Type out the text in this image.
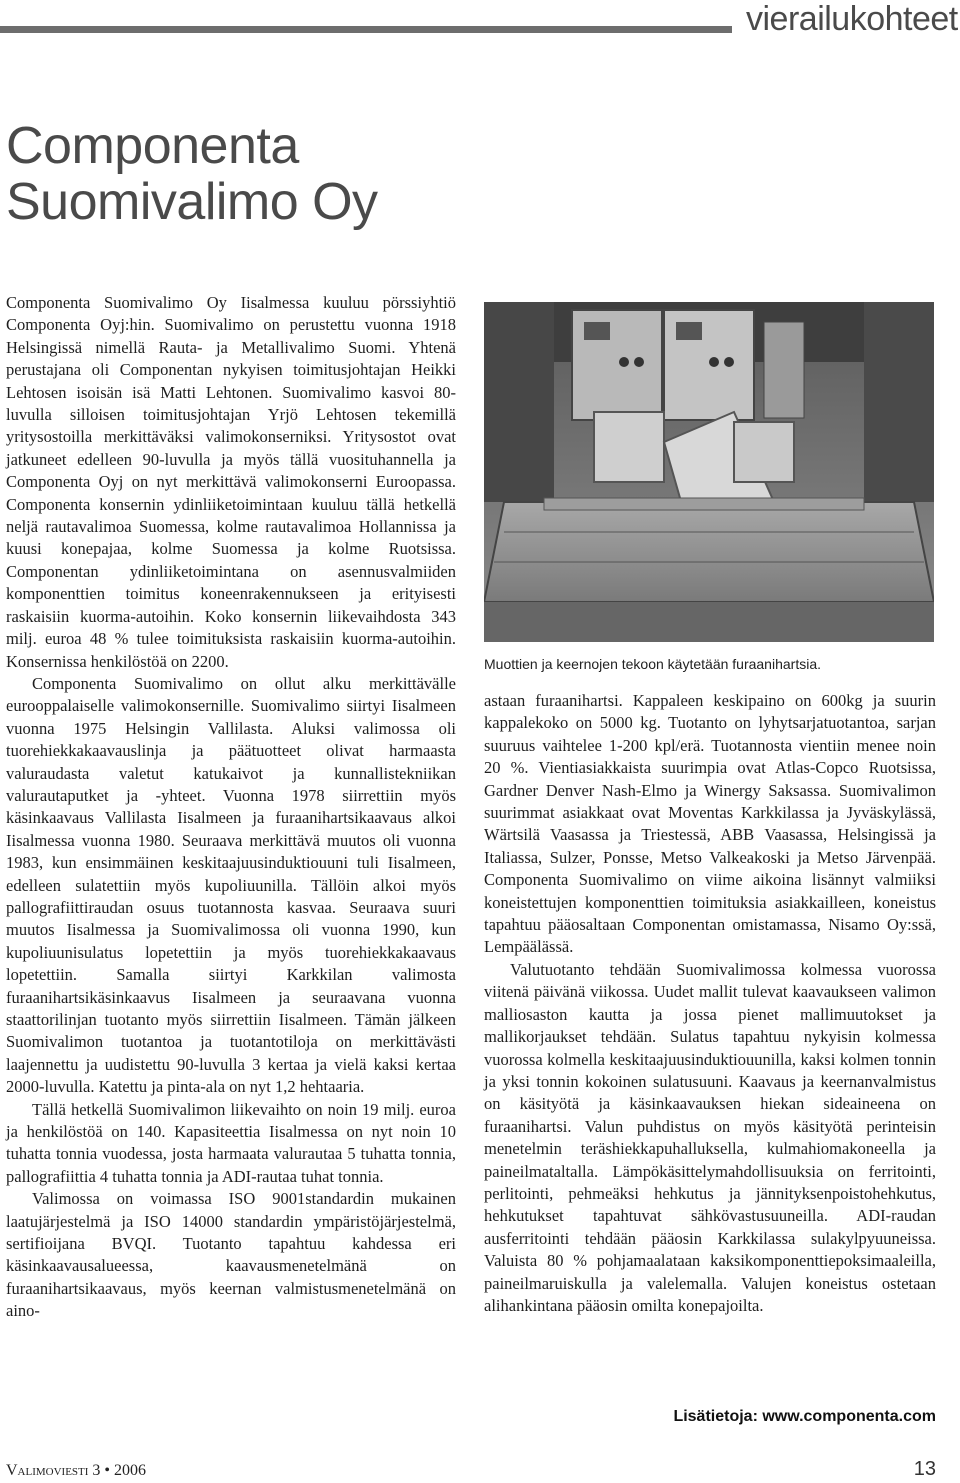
vierailukohteet
Componenta
Suomivalimo Oy

Componenta Suomivalimo Oy Iisalmessa kuuluu pörssiyhtiö Componenta Oyj:hin. Suomivalimo on perustettu vuonna 1918 Helsingissä nimellä Rauta- ja Metallivalimo Suomi. Yhtenä perustajana oli Componentan nykyisen toimitusjohtajan Heikki Lehtosen isoisän isä Matti Lehtonen. Suomivalimo kasvoi 80-luvulla silloisen toimitusjohtajan Yrjö Lehtosen tekemillä yritysostoilla merkittäväksi valimokonserniksi. Yritysostot ovat jatkuneet edelleen 90-luvulla ja myös tällä vuosituhannella ja Componenta Oyj on nyt merkittävä valimokonserni Euroopassa. Componenta konsernin ydinliiketoimintaan kuuluu tällä hetkellä neljä rautavalimoa Suomessa, kolme rautavalimoa Hollannissa ja kuusi konepajaa, kolme Suomessa ja kolme Ruotsissa. Componentan ydinliiketoimintana on asennusvalmiiden komponenttien toimitus koneenrakennukseen ja erityisesti raskaisiin kuorma-autoihin. Koko konsernin liikevaihdosta 343 milj. euroa 48 % tulee toimituksista raskaisiin kuorma-autoihin. Konsernissa henkilöstöä on 2200.

Componenta Suomivalimo on ollut alku merkittävälle eurooppalaiselle valimokonsernille. Suomivalimo siirtyi Iisalmeen vuonna 1975 Helsingin Vallilasta. Aluksi valimossa oli tuorehiekkakaavauslinja ja päätuotteet olivat harmaasta valuraudasta valetut katukaivot ja kunnallistekniikan valurautaputket ja -yhteet. Vuonna 1978 siirrettiin myös käsinkaavaus Vallilasta Iisalmeen ja furaanihartsikaavaus alkoi Iisalmessa vuonna 1980. Seuraava merkittävä muutos oli vuonna 1983, kun ensimmäinen keskitaajuusinduktiouuni tuli Iisalmeen, edelleen sulatettiin myös kupoliuunilla. Tällöin alkoi myös pallografiittiraudan osuus tuotannosta kasvaa. Seuraava suuri muutos Iisalmessa ja Suomivalimossa oli vuonna 1990, kun kupoliuunisulatus lopetettiin ja myös tuorehiekkakaavaus lopetettiin. Samalla siirtyi Karkkilan valimosta furaanihartsikäsinkaavus Iisalmeen ja seuraavana vuonna staattorilinjan tuotanto myös siirrettiin Iisalmeen. Tämän jälkeen Suomivalimon tuotantoa ja tuotantotiloja on merkittävästi laajennettu ja uudistettu 90-luvulla 3 kertaa ja vielä kaksi kertaa 2000-luvulla. Katettu ja pinta-ala on nyt 1,2 hehtaaria.

Tällä hetkellä Suomivalimon liikevaihto on noin 19 milj. euroa ja henkilöstöä on 140. Kapasiteettia Iisalmessa on nyt noin 10 tuhatta tonnia vuodessa, josta harmaata valurautaa 5 tuhatta tonnia, pallografiittia 4 tuhatta tonnia ja ADI-rautaa tuhat tonnia.

Valimossa on voimassa ISO 9001standardin mukainen laatujärjestelmä ja ISO 14000 standardin ympäristöjärjestelmä, sertifioijana BVQI. Tuotanto tapahtuu kahdessa eri käsinkaavausalueessa, kaavausmenetelmänä on furaanihartsikaavaus, myös keernan valmistusmenetelmänä on aino-

Muottien ja keernojen tekoon käytetään furaanihartsia.

astaan furaanihartsi. Kappaleen keskipaino on 600kg ja suurin kappalekoko on 5000 kg. Tuotanto on lyhytsarjatuotantoa, sarjan suuruus vaihtelee 1-200 kpl/erä. Tuotannosta vientiin menee noin 20 %. Vientiasiakkaista suurimpia ovat Atlas-Copco Ruotsissa, Gardner Denver Nash-Elmo ja Winergy Saksassa. Suomivalimon suurimmat asiakkaat ovat Moventas Karkkilassa ja Jyväskylässä, Wärtsilä Vaasassa ja Triestessä, ABB Vaasassa, Helsingissä ja Italiassa, Sulzer, Ponsse, Metso Valkeakoski ja Metso Järvenpää. Componenta Suomivalimo on viime aikoina lisännyt valmiiksi koneistettujen komponenttien toimituksia asiakkailleen, koneistus tapahtuu pääosaltaan Componentan omistamassa, Nisamo Oy:ssä, Lempäälässä.

Valutuotanto tehdään Suomivalimossa kolmessa vuorossa viitenä päivänä viikossa. Uudet mallit tulevat kaavaukseen valimon malliosaston kautta ja jossa pienet mallimuutokset ja mallikorjaukset tehdään. Sulatus tapahtuu nykyisin kolmessa vuorossa kolmella keskitaajuusinduktiouunilla, kaksi kolmen tonnin ja yksi tonnin kokoinen sulatusuuni. Kaavaus ja keernanvalmistus on käsityötä ja käsinkaavauksen hiekan sideaineena on furaanihartsi. Valun puhdistus on myös käsityötä perinteisin menetelmin teräshiekkapuhalluksella, kulmahiomakoneella ja paineilmataltalla. Lämpökäsittelymahdollisuuksia on ferritointi, perlitointi, pehmeäksi hehkutus ja jännityksenpoistohehkutus, hehkutukset tapahtuvat sähkövastusuuneilla. ADI-raudan ausferritointi tehdään pääosin Karkkilassa sulakylpyuuneissa. Valuista 80 % pohjamaalataan kaksikomponenttiepoksimaaleilla, paineilmaruiskulla ja valelemalla. Valujen koneistus ostetaan alihankintana pääosin omilta konepajoilta.

Lisätietoja: www.componenta.com
Valimoviesti 3 • 2006	13
